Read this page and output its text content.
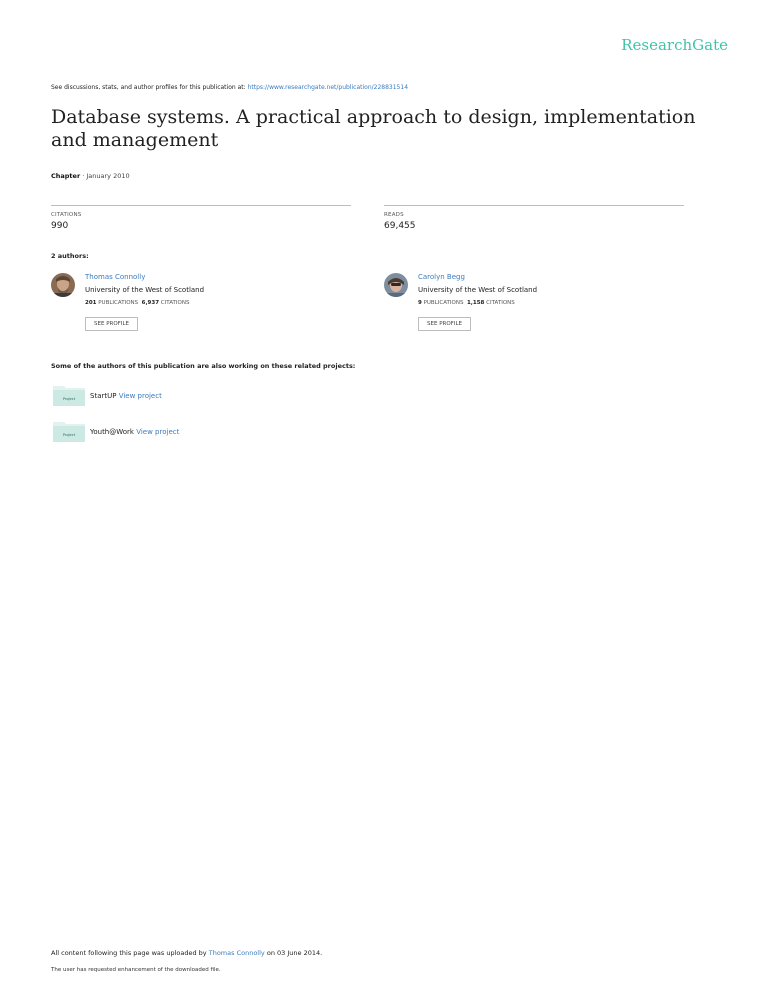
ResearchGate
See discussions, stats, and author profiles for this publication at: https://www.researchgate.net/publication/228831514
Database systems. A practical approach to design, implementation and management
Chapter · January 2010
CITATIONS
990
READS
69,455
2 authors:
Thomas Connolly
University of the West of Scotland
201 PUBLICATIONS 6,937 CITATIONS
SEE PROFILE
Carolyn Begg
University of the West of Scotland
9 PUBLICATIONS 1,158 CITATIONS
SEE PROFILE
Some of the authors of this publication are also working on these related projects:
Project StartUP View project
Project Youth@Work View project
All content following this page was uploaded by Thomas Connolly on 03 June 2014.
The user has requested enhancement of the downloaded file.
